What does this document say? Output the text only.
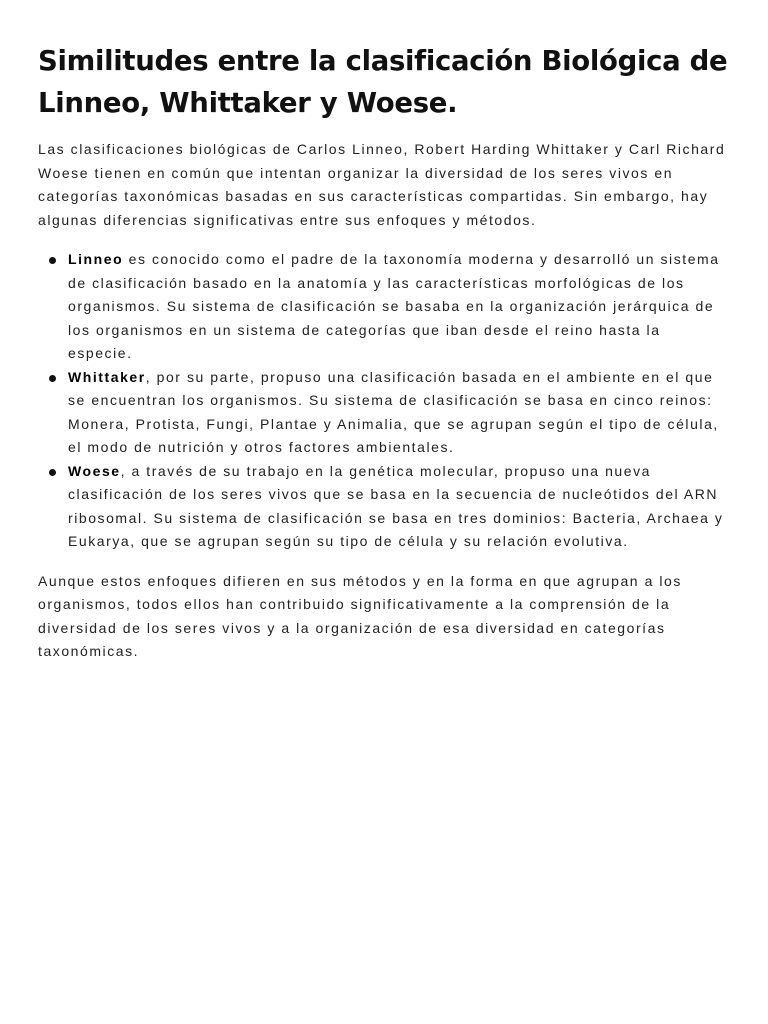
Similitudes entre la clasificación Biológica de Linneo, Whittaker y Woese.

Las clasificaciones biológicas de Carlos Linneo, Robert Harding Whittaker y Carl Richard Woese tienen en común que intentan organizar la diversidad de los seres vivos en categorías taxonómicas basadas en sus características compartidas. Sin embargo, hay algunas diferencias significativas entre sus enfoques y métodos.

Linneo es conocido como el padre de la taxonomía moderna y desarrolló un sistema de clasificación basado en la anatomía y las características morfológicas de los organismos. Su sistema de clasificación se basaba en la organización jerárquica de los organismos en un sistema de categorías que iban desde el reino hasta la especie.
Whittaker, por su parte, propuso una clasificación basada en el ambiente en el que se encuentran los organismos. Su sistema de clasificación se basa en cinco reinos: Monera, Protista, Fungi, Plantae y Animalia, que se agrupan según el tipo de célula, el modo de nutrición y otros factores ambientales.
Woese, a través de su trabajo en la genética molecular, propuso una nueva clasificación de los seres vivos que se basa en la secuencia de nucleótidos del ARN ribosomal. Su sistema de clasificación se basa en tres dominios: Bacteria, Archaea y Eukarya, que se agrupan según su tipo de célula y su relación evolutiva.

Aunque estos enfoques difieren en sus métodos y en la forma en que agrupan a los organismos, todos ellos han contribuido significativamente a la comprensión de la diversidad de los seres vivos y a la organización de esa diversidad en categorías taxonómicas.
